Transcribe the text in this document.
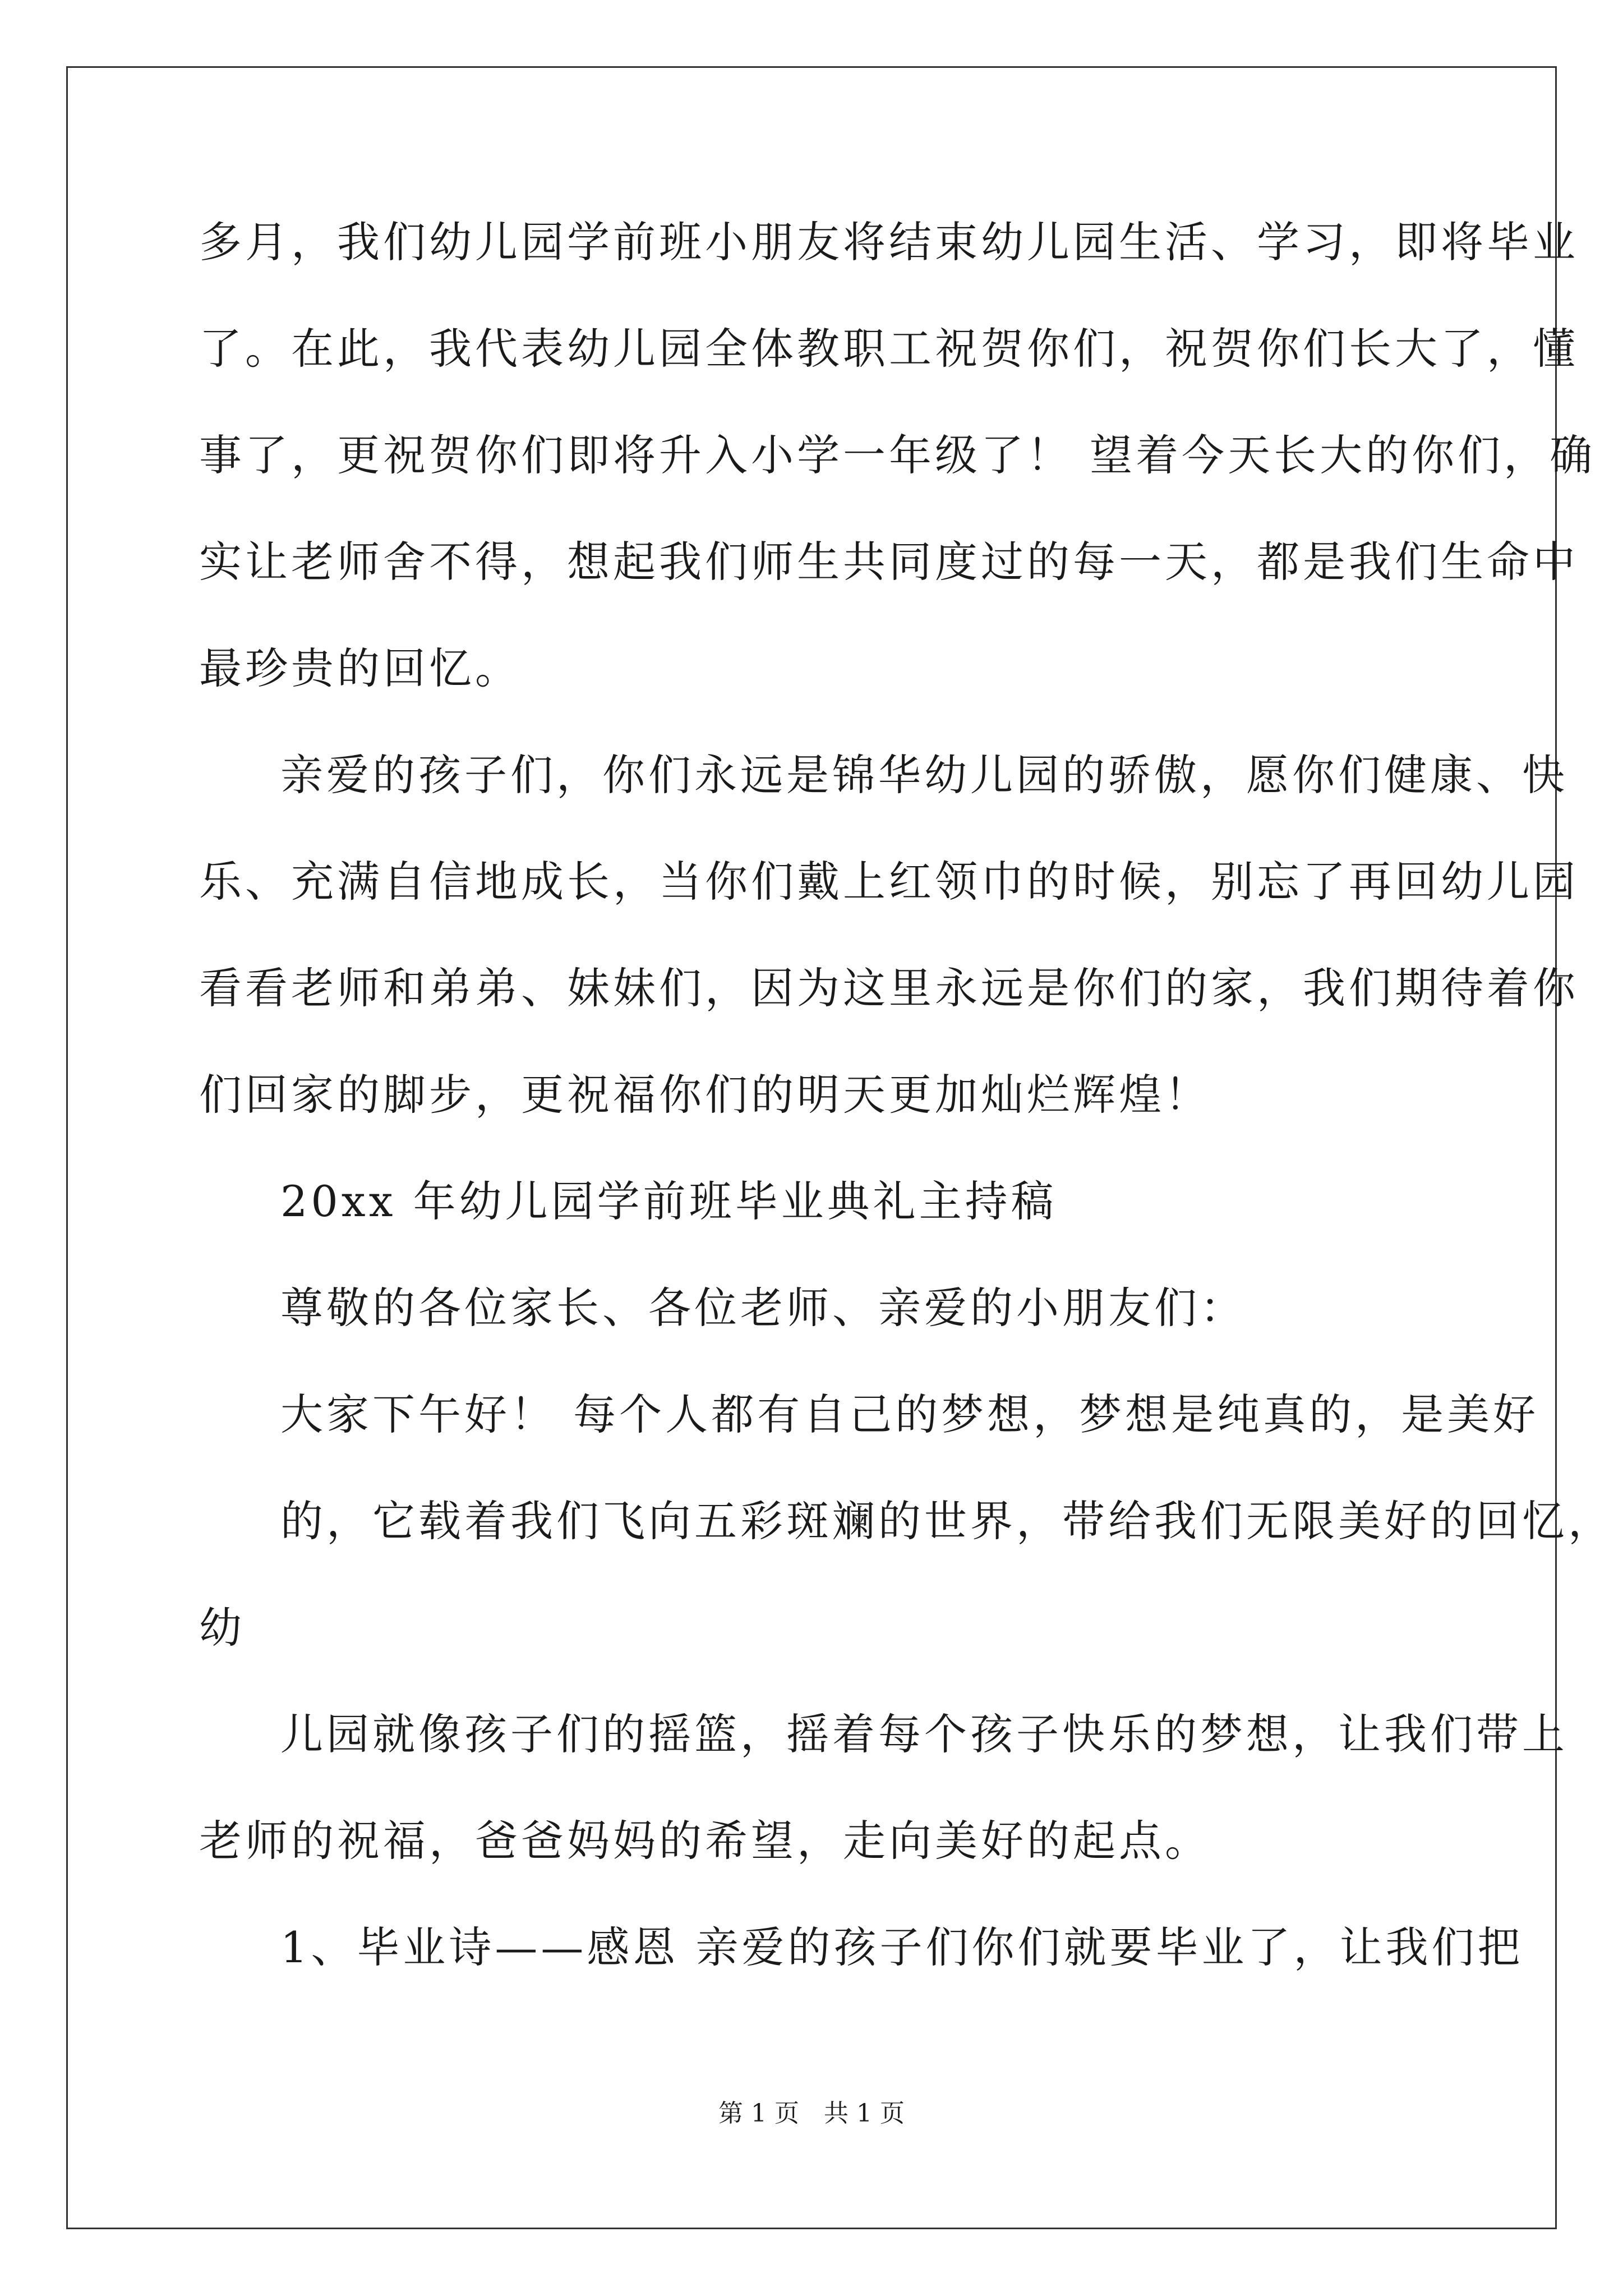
多月，我们幼儿园学前班小朋友将结束幼儿园生活、学习，即将毕业
了。在此，我代表幼儿园全体教职工祝贺你们，祝贺你们长大了，懂
事了，更祝贺你们即将升入小学一年级了！ 望着今天长大的你们，确
实让老师舍不得，想起我们师生共同度过的每一天，都是我们生命中
最珍贵的回忆。
亲爱的孩子们，你们永远是锦华幼儿园的骄傲，愿你们健康、快
乐、充满自信地成长，当你们戴上红领巾的时候，别忘了再回幼儿园
看看老师和弟弟、妹妹们，因为这里永远是你们的家，我们期待着你
们回家的脚步，更祝福你们的明天更加灿烂辉煌！
20xx 年幼儿园学前班毕业典礼主持稿
尊敬的各位家长、各位老师、亲爱的小朋友们：
大家下午好！ 每个人都有自己的梦想，梦想是纯真的，是美好
的，它载着我们飞向五彩斑斓的世界，带给我们无限美好的回忆，
幼
儿园就像孩子们的摇篮，摇着每个孩子快乐的梦想，让我们带上
老师的祝福，爸爸妈妈的希望，走向美好的起点。
1、毕业诗——感恩 亲爱的孩子们你们就要毕业了，让我们把
第 1 页　共 1 页
